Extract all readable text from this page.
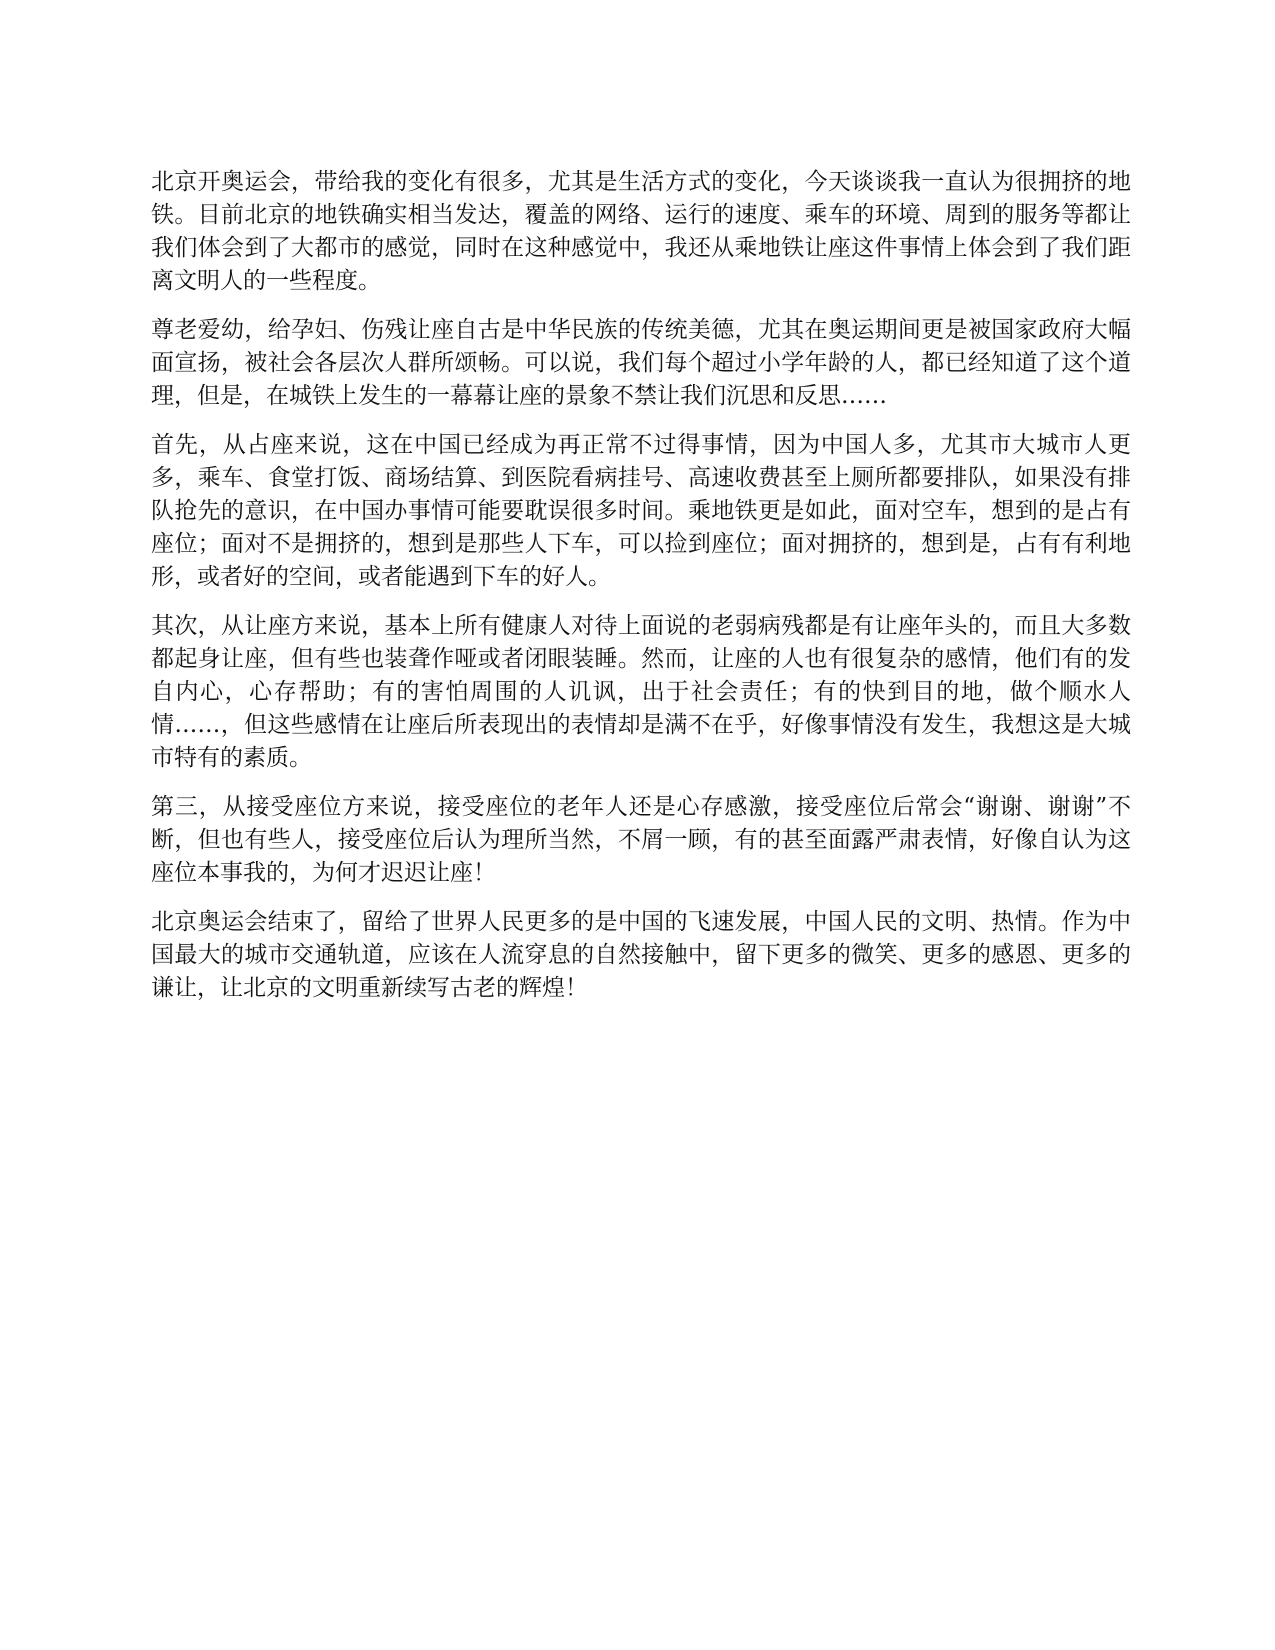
北京开奥运会，带给我的变化有很多，尤其是生活方式的变化，今天谈谈我一直认为很拥挤的地铁。目前北京的地铁确实相当发达，覆盖的网络、运行的速度、乘车的环境、周到的服务等都让我们体会到了大都市的感觉，同时在这种感觉中，我还从乘地铁让座这件事情上体会到了我们距离文明人的一些程度。

尊老爱幼，给孕妇、伤残让座自古是中华民族的传统美德，尤其在奥运期间更是被国家政府大幅面宣扬，被社会各层次人群所颂畅。可以说，我们每个超过小学年龄的人，都已经知道了这个道理，但是，在城铁上发生的一幕幕让座的景象不禁让我们沉思和反思……

首先，从占座来说，这在中国已经成为再正常不过得事情，因为中国人多，尤其市大城市人更多，乘车、食堂打饭、商场结算、到医院看病挂号、高速收费甚至上厕所都要排队，如果没有排队抢先的意识，在中国办事情可能要耽误很多时间。乘地铁更是如此，面对空车，想到的是占有座位；面对不是拥挤的，想到是那些人下车，可以捡到座位；面对拥挤的，想到是，占有有利地形，或者好的空间，或者能遇到下车的好人。

其次，从让座方来说，基本上所有健康人对待上面说的老弱病残都是有让座年头的，而且大多数都起身让座，但有些也装聋作哑或者闭眼装睡。然而，让座的人也有很复杂的感情，他们有的发自内心，心存帮助；有的害怕周围的人讥讽，出于社会责任；有的快到目的地，做个顺水人情……，但这些感情在让座后所表现出的表情却是满不在乎，好像事情没有发生，我想这是大城市特有的素质。

第三，从接受座位方来说，接受座位的老年人还是心存感激，接受座位后常会“谢谢、谢谢”不断，但也有些人，接受座位后认为理所当然，不屑一顾，有的甚至面露严肃表情，好像自认为这座位本事我的，为何才迟迟让座！

北京奥运会结束了，留给了世界人民更多的是中国的飞速发展，中国人民的文明、热情。作为中国最大的城市交通轨道，应该在人流穿息的自然接触中，留下更多的微笑、更多的感恩、更多的谦让，让北京的文明重新续写古老的辉煌！
